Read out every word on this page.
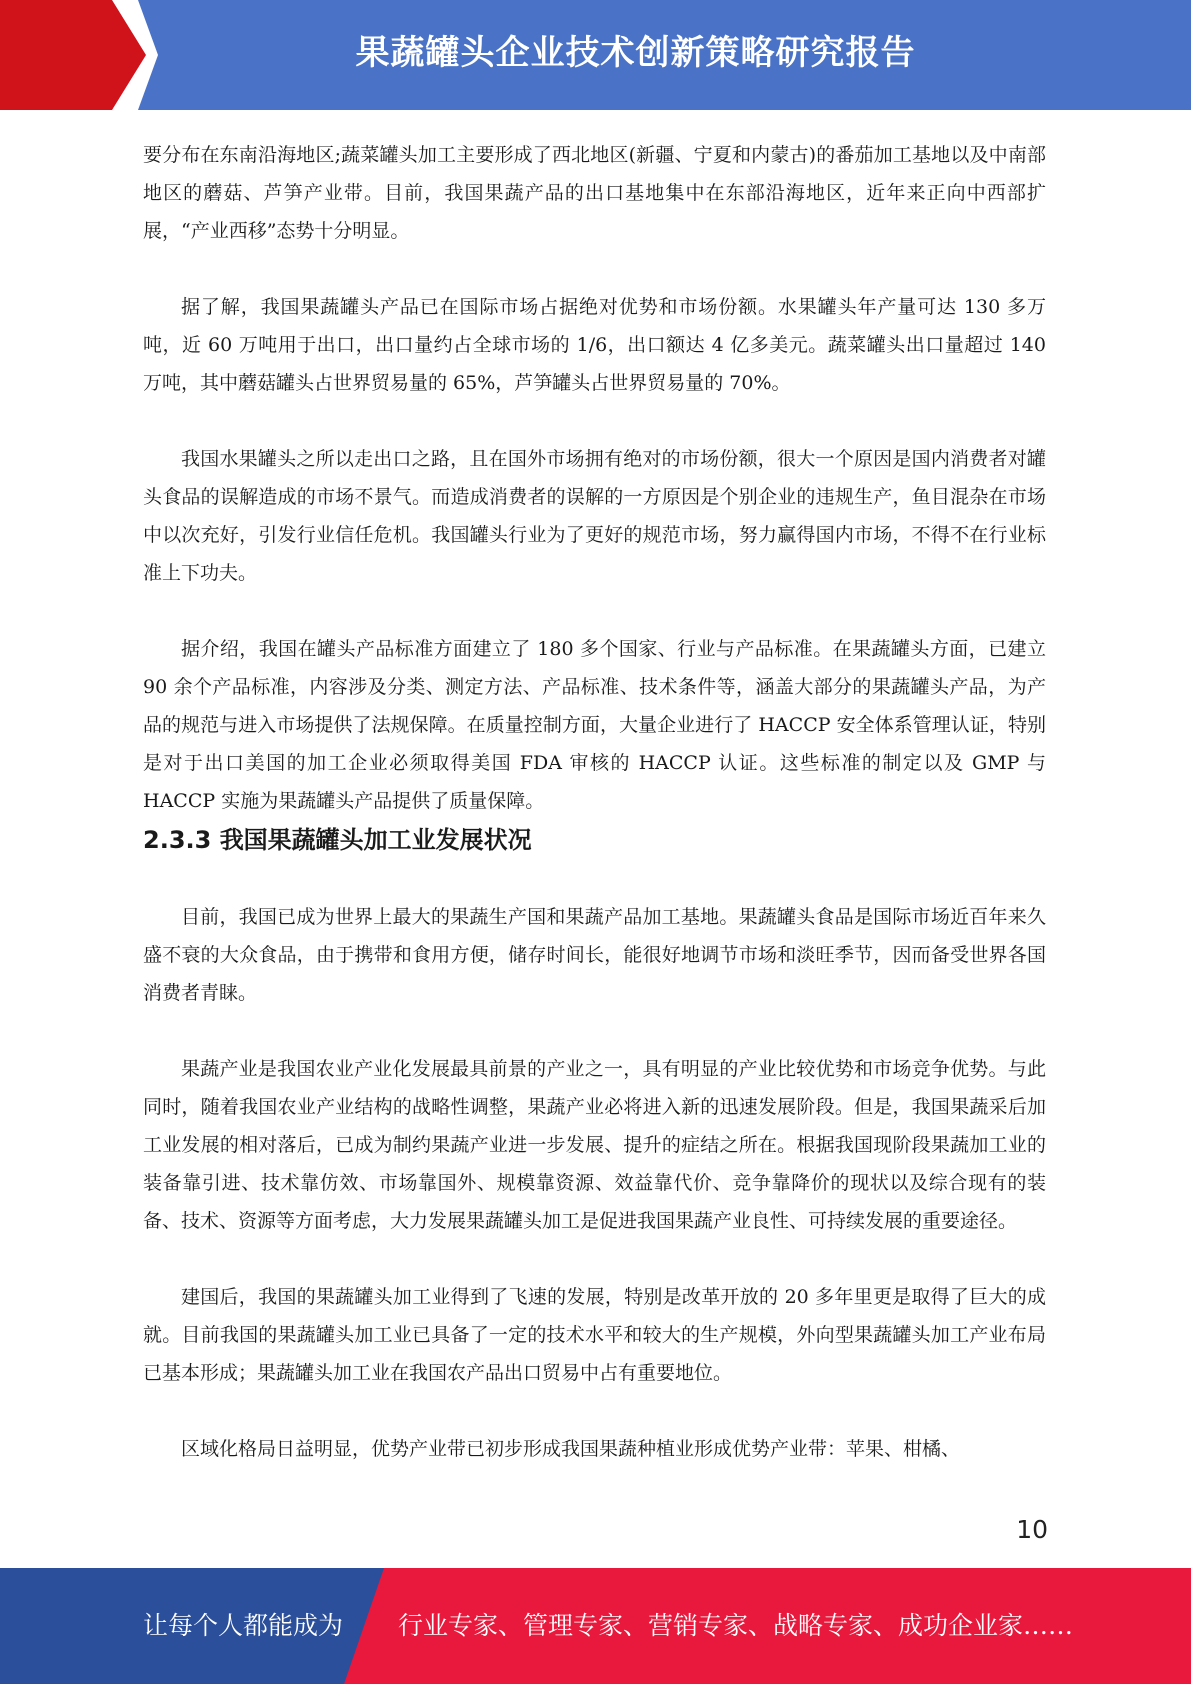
果蔬罐头企业技术创新策略研究报告

要分布在东南沿海地区;蔬菜罐头加工主要形成了西北地区(新疆、宁夏和内蒙古)的番茄加工基地以及中南部地区的蘑菇、芦笋产业带。目前，我国果蔬产品的出口基地集中在东部沿海地区，近年来正向中西部扩展，“产业西移”态势十分明显。

据了解，我国果蔬罐头产品已在国际市场占据绝对优势和市场份额。水果罐头年产量可达 130 多万吨，近 60 万吨用于出口，出口量约占全球市场的 1/6，出口额达 4 亿多美元。蔬菜罐头出口量超过 140 万吨，其中蘑菇罐头占世界贸易量的 65%，芦笋罐头占世界贸易量的 70%。

我国水果罐头之所以走出口之路，且在国外市场拥有绝对的市场份额，很大一个原因是国内消费者对罐头食品的误解造成的市场不景气。而造成消费者的误解的一方原因是个别企业的违规生产，鱼目混杂在市场中以次充好，引发行业信任危机。我国罐头行业为了更好的规范市场，努力赢得国内市场，不得不在行业标准上下功夫。

据介绍，我国在罐头产品标准方面建立了 180 多个国家、行业与产品标准。在果蔬罐头方面，已建立 90 余个产品标准，内容涉及分类、测定方法、产品标准、技术条件等，涵盖大部分的果蔬罐头产品，为产品的规范与进入市场提供了法规保障。在质量控制方面，大量企业进行了 HACCP 安全体系管理认证，特别是对于出口美国的加工企业必须取得美国 FDA 审核的 HACCP 认证。这些标准的制定以及 GMP 与 HACCP 实施为果蔬罐头产品提供了质量保障。

2.3.3 我国果蔬罐头加工业发展状况

目前，我国已成为世界上最大的果蔬生产国和果蔬产品加工基地。果蔬罐头食品是国际市场近百年来久盛不衰的大众食品，由于携带和食用方便，储存时间长，能很好地调节市场和淡旺季节，因而备受世界各国消费者青睐。

果蔬产业是我国农业产业化发展最具前景的产业之一，具有明显的产业比较优势和市场竞争优势。与此同时，随着我国农业产业结构的战略性调整，果蔬产业必将进入新的迅速发展阶段。但是，我国果蔬采后加工业发展的相对落后，已成为制约果蔬产业进一步发展、提升的症结之所在。根据我国现阶段果蔬加工业的装备靠引进、技术靠仿效、市场靠国外、规模靠资源、效益靠代价、竞争靠降价的现状以及综合现有的装备、技术、资源等方面考虑，大力发展果蔬罐头加工是促进我国果蔬产业良性、可持续发展的重要途径。

建国后，我国的果蔬罐头加工业得到了飞速的发展，特别是改革开放的 20 多年里更是取得了巨大的成就。目前我国的果蔬罐头加工业已具备了一定的技术水平和较大的生产规模，外向型果蔬罐头加工产业布局已基本形成；果蔬罐头加工业在我国农产品出口贸易中占有重要地位。

区域化格局日益明显，优势产业带已初步形成我国果蔬种植业形成优势产业带：苹果、柑橘、

10
让每个人都能成为 行业专家、管理专家、营销专家、战略专家、成功企业家……
